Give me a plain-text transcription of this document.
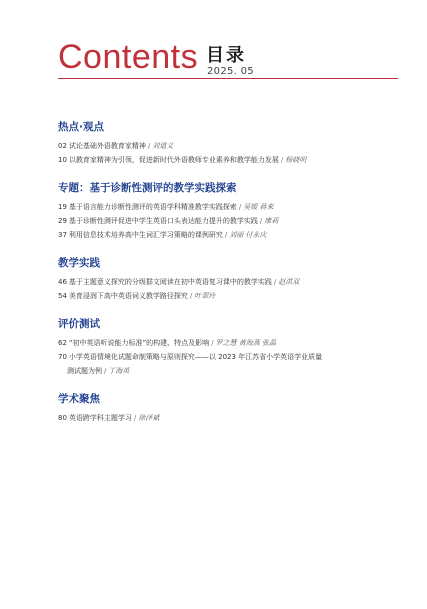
Contents 目录
2025. 05
热点·观点
02 试论基础外语教育家精神 / 刘道义
10 以教育家精神为引领，促进新时代外语教师专业素养和教学能力发展 / 杨晓明
专题：基于诊断性测评的教学实践探索
19 基于语言能力诊断性测评的英语学科精准教学实践探索 / 吴媛 蒋来
29 基于诊断性测评促进中学生英语口头表达能力提升的教学实践 / 康莉
37 利用信息技术培养高中生词汇学习策略的课例研究 / 刘丽 付永庆
教学实践
46 基于主题意义探究的分级群文阅读在初中英语复习课中的教学实践 / 赵洪双
54 美育浸润下高中英语词义教学路径探究 / 叶翠玲
评价测试
62 “初中英语听说能力标准”的构建、特点及影响 / 罗之慧 黄海燕 张晶
70 小学英语情境化试题命制策略与原则探究——以 2023 年江苏省小学英语学业质量
测试题为例 / 丁海英
学术聚焦
80 英语跨学科主题学习 / 徐泽斌
